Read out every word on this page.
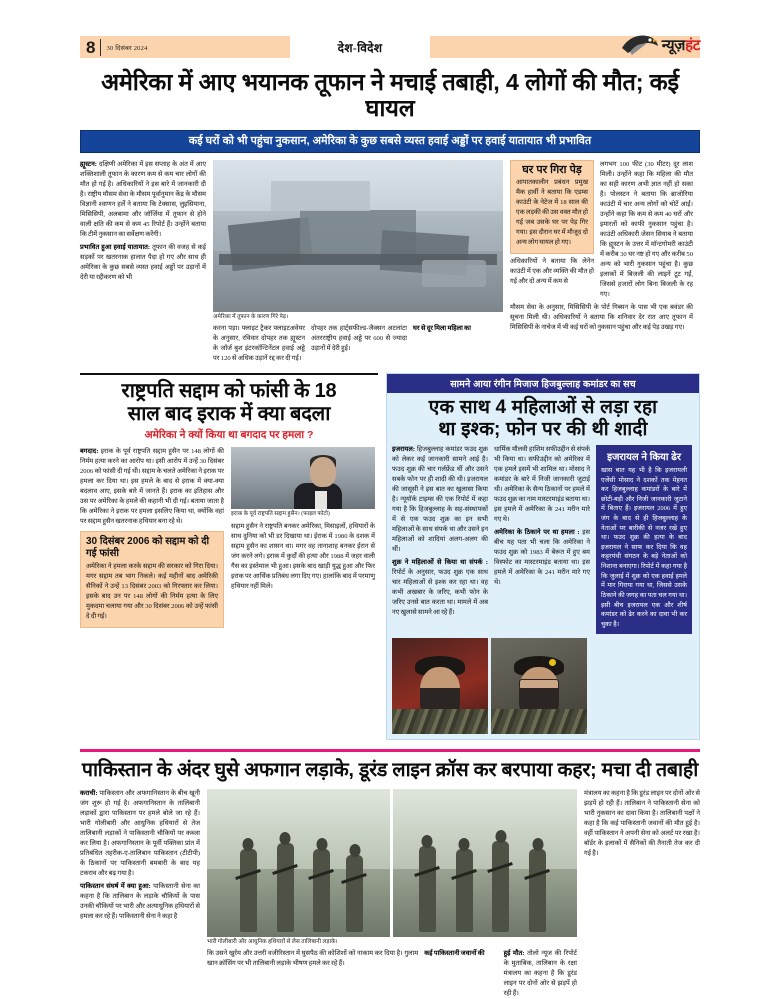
8	30 दिसंबर 2024	देश-विदेश	न्यूज़हंट
अमेरिका में आए भयानक तूफान ने मचाई तबाही, 4 लोगों की मौत; कई घायल
कई घरों को भी पहुंचा नुकसान, अमेरिका के कुछ सबसे व्यस्त हवाई अड्डों पर हवाई यातायात भी प्रभावित

ह्यूस्टन: दक्षिणी अमेरिका में इस सप्ताह के अंत में आए शक्तिशाली तूफान के कारण कम से कम चार लोगों की मौत हो गई है। अधिकारियों ने इस बारे में जानकारी दी है। राष्ट्रीय मौसम सेवा के मौसम पूर्वानुमान केंद्र के मौसम विज्ञानी श्वाणन हर्ले ने बताया कि टेक्सास, लुइसियाना, मिसिसिपी, अलबामा और जॉर्जिया में तूफान से होने वाली क्षति की कम से कम 45 रिपोर्ट हैं। उन्होंने बताया कि टीमें नुकसान का सर्वेक्षण करेंगी।

प्रभावित हुआ हवाई यातायात: तूफान की वजह से कई सड़कों पर खतरनाक हालात पैदा हो गए और साथ ही अमेरिका के कुछ सबसे व्यस्त हवाई अड्डों पर उड़ानों में देरी या रद्दीकरण को भी

अमेरिका में तूफान के कारण गिरे पेड़।

करना पड़ा। फ्लाइट ट्रैकर फ्लाइटअवेयर के अनुसार, रविवार दोपहर तक ह्यूस्टन के जॉर्ज बुश इंटरकॉन्टिनेंटल हवाई अड्डे पर 120 से अधिक उड़ानें रद्द कर दी गईं।

दोपहर तक हार्ट्सफील्ड-जैक्सन अटलांटा अंतरराष्ट्रीय हवाई अड्डे पर 600 से ज्यादा उड़ानों में देरी हुई।

घर से दूर मिला महिला का

घर पर गिरा पेड़

आपातकालीन प्रबंधन प्रमुख मैक हार्वी ने बताया कि एडम्स काउंटी के नेटेज में 18 साल की एक लड़की की उस वक्त मौत हो गई जब उसके घर पर पेड़ गिर गया। इस दौरान घर में मौजूद दो अन्य लोग घायल हो गए।

अधिकारियों ने बताया कि लेनेन काउंटी में एक और व्यक्ति की मौत हो गई और दो अन्य में कम से

लगभग 100 फीट (30 मीटर) दूर लाश मिली। उन्होंने कहा कि महिला की मौत का सही कारण अभी ज्ञात नहीं हो सका है। पोलस्टन ने बताया कि ब्राजोरिया काउंटी में चार अन्य लोगों को चोटें आईं। उन्होंने कहा कि कम से कम 40 घरों और इमारतों को काफी नुकसान पहुंचा है। काउंटी अधिकारी जेसन सियाब ने बताया कि ह्यूस्टन के उत्तर में मॉन्टगोमरी काउंटी में करीब 30 घर नष्ट हो गए और करीब 50 अन्य को भारी नुकसान पहुंचा है। कुछ इलाकों में बिजली की लाइनें टूट गईं, जिससे हजारों लोग बिना बिजली के रह गए।

मौसम सेवा के अनुसार, मिसिसिपी के पोर्ट गिब्सन के पास भी एक बवंडर की सूचना मिली थी। अधिकारियों ने बताया कि शनिवार देर रात आए तूफान में मिसिसिपी के नाचेज में भी कई घरों को नुकसान पहुंचा और कई पेड़ उखड़ गए।

राष्ट्रपति सद्दाम को फांसी के 18
साल बाद इराक में क्या बदला
अमेरिका ने क्यों किया था बगदाद पर हमला ?

बगदाद: इराक के पूर्व राष्ट्रपति सद्दाम हुसैन पर 148 लोगों की निर्मम हत्या करने का आरोप था। इसी आरोप में उन्हें 30 दिसंबर 2006 को फांसी दी गई थी। सद्दाम के चलते अमेरिका ने इराक पर हमला कर दिया था। इस हमले के बाद से इराक में क्या-क्या बदलाव आए, इसके बारे में जानते हैं। इराक का इतिहास और उस पर अमेरिका के हमले की कहानी भी दी गई। बताया जाता है कि अमेरिका ने इराक पर हमला इसलिए किया था, क्योंकि वहां पर सद्दाम हुसैन खतरनाक हथियार बना रहे थे।

30 दिसंबर 2006 को सद्दाम को दी गई फांसी

अमेरिका ने हमला करके सद्दाम की सरकार को गिरा दिया। मगर सद्दाम तब भाग निकले। कई महीनों बाद अमेरिकी सैनिकों ने उन्हें 13 दिसंबर 2003 को गिरफ्तार कर लिया। इसके बाद उन पर 148 लोगों की निर्मम हत्या के लिए मुकदमा चलाया गया और 30 दिसंबर 2006 को उन्हें फांसी दे दी गई।

इराक के पूर्व राष्ट्रपति सद्दाम हुसैन। (फाइल फोटो)

सद्दाम हुसैन ने राष्ट्रपति बनकर अमेरिका, मिसाइलों, हथियारों के साथ दुनिया को भी डर दिखाया था। ईराक में 1980 के दशक में सद्दाम हुसैन का शासन था। मगर वह तानाशाह बनकर ईरान से जंग करने लगे। इराक में कुर्दों की हत्या और 1988 में जहर वाली गैस का इस्तेमाल भी हुआ। इसके बाद खाड़ी युद्ध हुआ और फिर इराक पर आर्थिक प्रतिबंध लगा दिए गए। हालांकि बाद में परमाणु हथियार नहीं मिले।

सामने आया रंगीन मिजाज हिजबुल्लाह कमांडर का सच
एक साथ 4 महिलाओं से लड़ा रहा
था इश्क; फोन पर की थी शादी

इजरायल: हिजबुल्लाह कमांडर फउद शुक्र को लेकर कई जानकारी सामने आई है। फउद शुक्र की चार गर्लफ्रेंड थीं और उसने सबके फोन पर ही शादी की थी। इजरायल की जासूसी ने इस बात का खुलासा किया है। न्यूयॉर्क टाइम्स की एक रिपोर्ट में कहा गया है कि हिजबुल्लाह के सह-संस्थापकों में से एक फउद शुक्र का इन सभी महिलाओं के साथ संपर्क था और उसने इन महिलाओं को शादियां अलग-अलग की थीं।

शुक्र ने महिलाओं से किया था संपर्क : रिपोर्ट के अनुसार, फउद शुक्र एक साथ चार महिलाओं से इश्क कर रहा था। वह कभी अखबार के जरिए, कभी फोन के जरिए उनसे बात करता था। मामले में अब नए खुलासे सामने आ रहे हैं।

धार्मिक मौलवी हाशिम सफीउद्दीन से संपर्क भी किया था। सफीउद्दीन को अमेरिका में एक हमले इसमें भी शामिल था। मोसाद ने कमांडर के बारे में निजी जानकारी जुटाई थी। अमेरिका के सैन्य ठिकानों पर हमले में फउद शुक्र का नाम मास्टरमाइंड बताया था। इस हमले में अमेरिका के 241 मरीन मारे गए थे।

अमेरिका के ठिकाने पर था हमला : इस बीच यह पता भी चला कि अमेरिका ने फउद शुक्र को 1983 में बेरूत में हुए बम विस्फोट का मास्टरमाइंड बताया था। इस हमले में अमेरिका के 241 मरीन मारे गए थे।

इजरायल ने किया ढेर

खास बात यह भी है कि इजरायली एजेंसी मोसाद ने दशकों तक मेहनत कर हिजबुल्लाह कमांडरों के बारे में छोटी-बड़ी और निजी जानकारी जुटाने में बिताए हैं। इजरायल 2006 में हुए जंग के बाद से ही हिजबुल्लाह के नेताओं पर बारीकी से नजर रखे हुए था। फउद शुक्र की हत्या के बाद इजरायल ने साफ कर दिया कि वह कट्टरपंथी संगठन के बड़े नेताओं को निशाना बनाएगा। रिपोर्ट में कहा गया है कि जुलाई में शुक्र को एक हवाई हमले में मार गिराया गया था, जिससे उसके ठिकाने की जगह का पता चल गया था। इसी बीच इजरायल एक और शीर्ष कमांडर को ढेर करने का दावा भी कर चुका है।

पाकिस्तान के अंदर घुसे अफगान लड़ाके, डूरंड लाइन क्रॉस कर बरपाया कहर; मचा दी तबाही

कराची: पाकिस्तान और अफगानिस्तान के बीच खूनी जंग शुरू हो गई है। अफगानिस्तान के तालिबानी लड़ाकों द्वारा पाकिस्तान पर हमले बोले जा रहे हैं। भारी गोलीबारी और आधुनिक हथियारों से तेज तालिबानी लड़ाकों ने पाकिस्तानी चौकियों पर कब्जा कर लिया है। अफगानिस्तान के पूर्वी पक्तिका प्रांत में प्रतिबंधित तहरीक-ए-तालिबान पाकिस्तान (टीटीपी) के ठिकानों पर पाकिस्तानी बमबारी के बाद यह टकराव और बढ़ गया है।

पाकिस्तान संघर्ष में क्या हुआ: पाकिस्तानी सेना का कहना है कि तालिबान के लड़ाके चौकियों के पास उनकी चौकियों पर भारी और अत्याधुनिक हथियारों से हमला कर रहे हैं। पाकिस्तानी सेना ने कहा है

भारी गोलीबारी और आधुनिक हथियारों से लैस तालिबानी लड़ाके।

कि उसने खुर्रम और उत्तरी वजीरिस्तान में घुसपैठ की कोशिशों को नाकाम कर दिया है। गुलाम खान क्रॉसिंग पर भी तालिबानी लड़ाके भीषण हमले कर रहे हैं।

कई पाकिस्तानी जवानों की	हुई मौत: तोलो न्यूज की रिपोर्ट के मुताबिक, तालिबान के रक्षा मंत्रालय का कहना है कि डूरंड लाइन पर दोनों ओर से झड़पें हो रही हैं।

मंत्रालय का कहना है कि डूरंड लाइन पर दोनों ओर से झड़पें हो रही हैं। तालिबान ने पाकिस्तानी सेना को भारी नुकसान का दावा किया है। तालिबानी पक्षों ने कहा है कि कई पाकिस्तानी जवानों की मौत हुई है। वहीं पाकिस्तान ने अपनी सेना को अलर्ट पर रखा है। बॉर्डर के इलाकों में सैनिकों की तैनाती तेज कर दी गई है।
